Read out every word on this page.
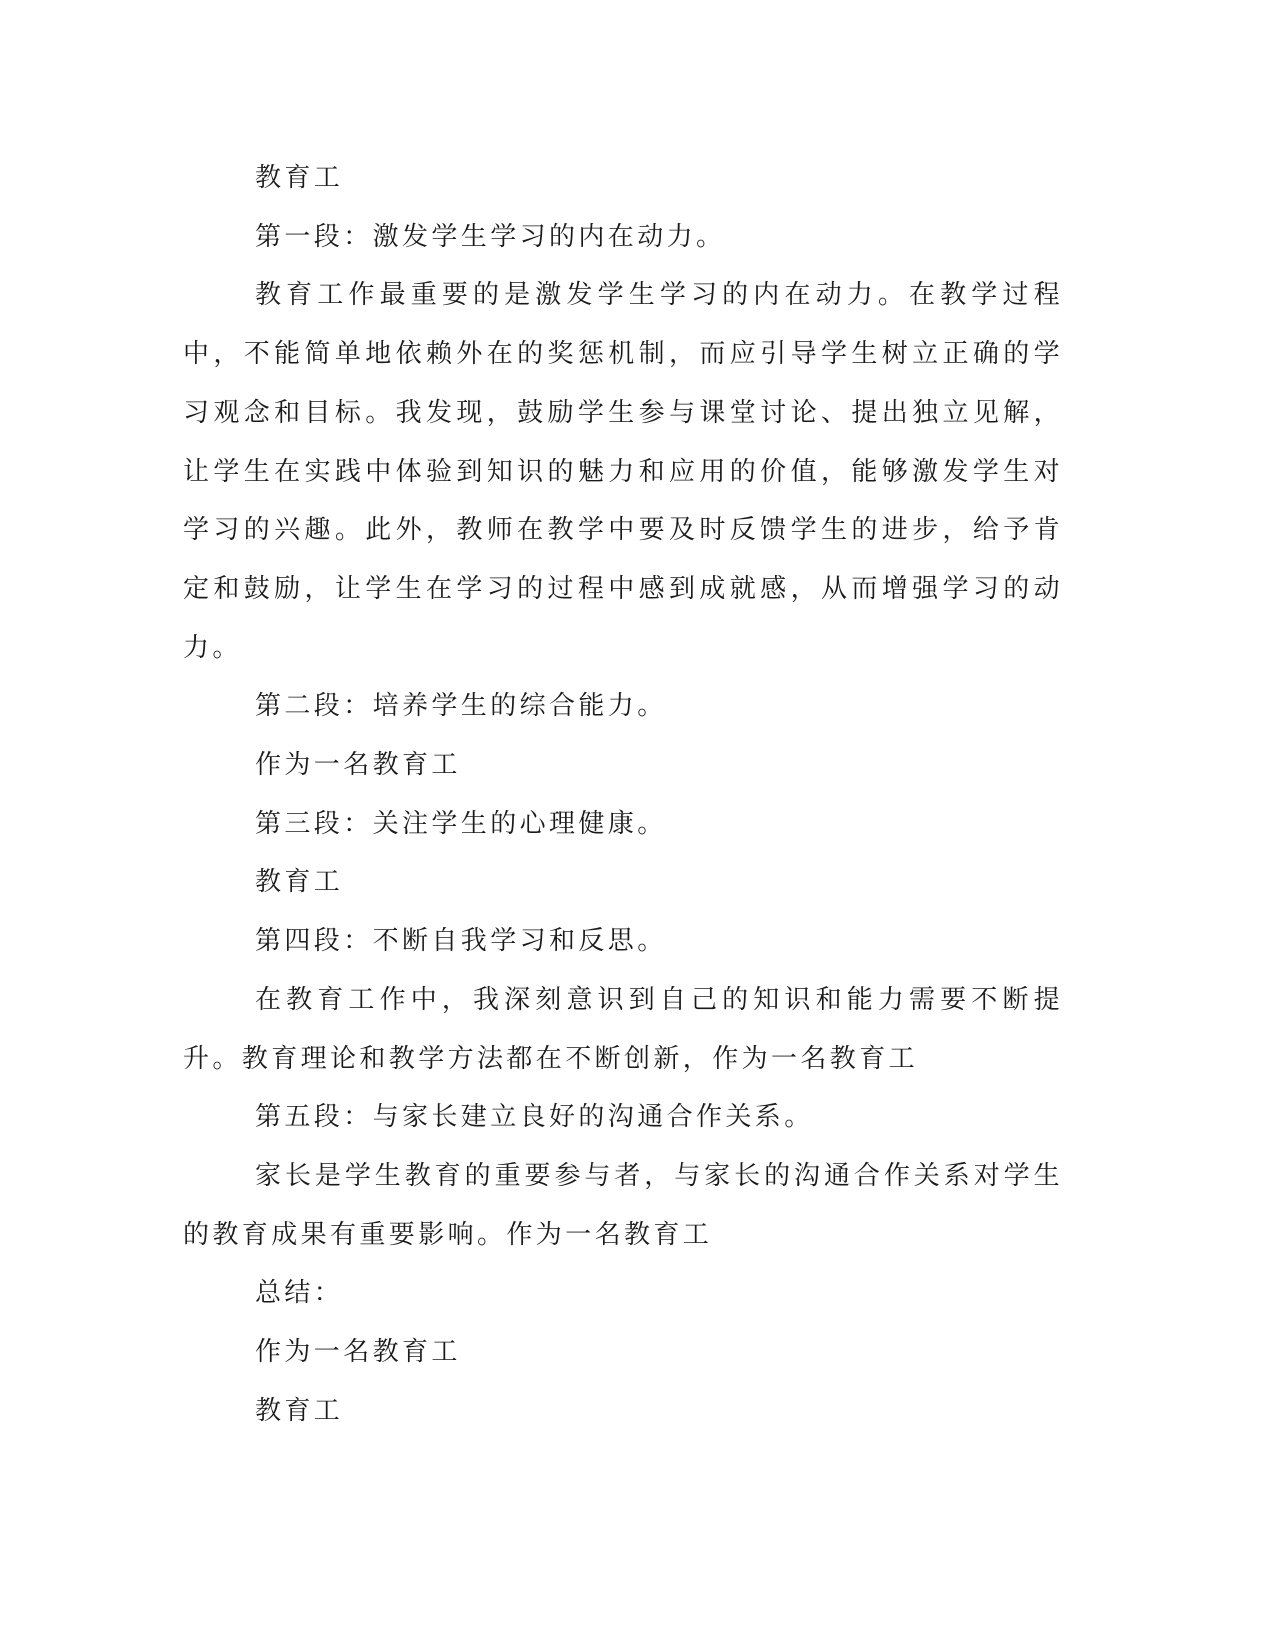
教育工

第一段：激发学生学习的内在动力。

教育工作最重要的是激发学生学习的内在动力。在教学过程中，不能简单地依赖外在的奖惩机制，而应引导学生树立正确的学习观念和目标。我发现，鼓励学生参与课堂讨论、提出独立见解，让学生在实践中体验到知识的魅力和应用的价值，能够激发学生对学习的兴趣。此外，教师在教学中要及时反馈学生的进步，给予肯定和鼓励，让学生在学习的过程中感到成就感，从而增强学习的动力。

第二段：培养学生的综合能力。

作为一名教育工

第三段：关注学生的心理健康。

教育工

第四段：不断自我学习和反思。

在教育工作中，我深刻意识到自己的知识和能力需要不断提升。教育理论和教学方法都在不断创新，作为一名教育工

第五段：与家长建立良好的沟通合作关系。

家长是学生教育的重要参与者，与家长的沟通合作关系对学生的教育成果有重要影响。作为一名教育工

总结：

作为一名教育工

教育工
